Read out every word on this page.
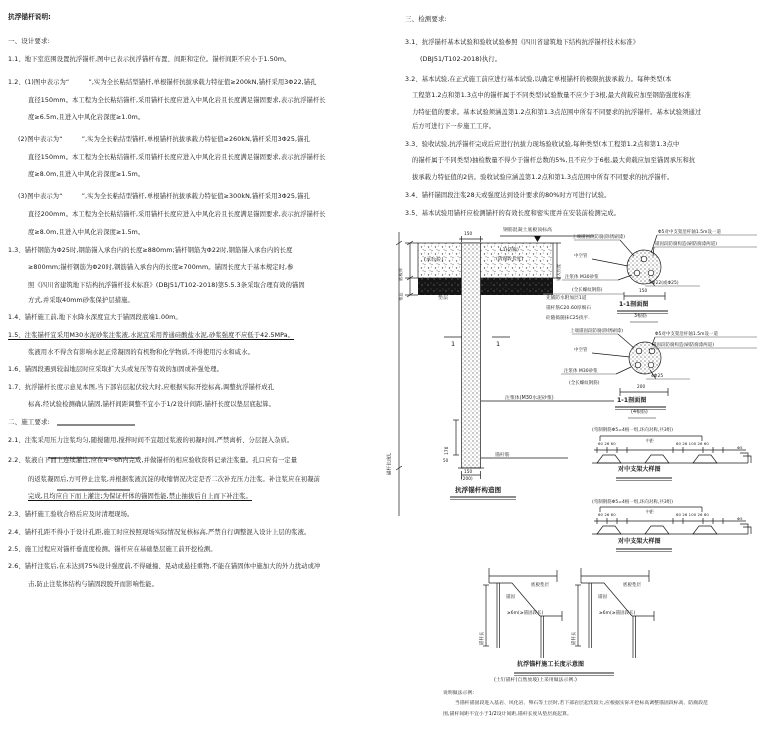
抗浮锚杆说明:
一、设计要求:
1.1、地下室范围设置抗浮锚杆,图中已表示抗浮锚杆布置、间距和定位。锚杆间距不应小于1.50m。
1.2、(1)图中表示为“　　　”,实为全长粘结型锚杆,单根锚杆抗拔承载力特征值≥200kN,锚杆采用3Φ22,锚孔
直径150mm。本工程为全长粘结锚杆,采用锚杆长度应进入中风化岩且长度满足锚固要求,表示抗浮锚杆长
度≥6.5m,且进入中风化岩深度≥1.0m。
(2)图中表示为“　　　”,实为全长粘结型锚杆,单根锚杆抗拔承载力特征值≥260kN,锚杆采用3Φ25,锚孔
直径150mm。本工程为全长粘结锚杆,采用锚杆长度应进入中风化岩且长度满足锚固要求,表示抗浮锚杆长
度≥8.0m,且进入中风化岩深度≥1.5m。
(3)图中表示为“　　　”,实为全长粘结型锚杆,单根锚杆抗拔承载力特征值≥300kN,锚杆采用3Φ25,锚孔
直径200mm。本工程为全长粘结锚杆,采用锚杆长度应进入中风化岩且长度满足锚固要求,表示抗浮锚杆长
度≥8.0m,且进入中风化岩深度≥1.5m。
1.3、锚杆钢筋为Φ25时,钢筋锚入承台内的长度≥880mm;锚杆钢筋为Φ22时,钢筋锚入承台内的长度
≥800mm;锚杆钢筋为Φ20时,钢筋锚入承台内的长度≥700mm。锚固长度大于基本规定时,参
照《四川省建筑地下结构抗浮锚杆技术标准》(DBJ51/T102-2018)第5.5.3条采取合理有效的锚固
方式,并采取40mm砂浆保护层措施。
1.4、锚杆施工前,地下水降水深度宜大于锚固段底端1.00m。
1.5、注浆锚杆宜采用M30水泥砂浆注浆液,水泥宜采用普通硅酸盐水泥,砂浆强度不应低于42.5MPa。
浆液用水不得含有影响水泥正常凝固的有机物和化学物质,不得使用污水和咸水。
1.6、锚固段遇到较弱地层时应采取扩大头或复压等有效的加固或补强处理。
1.7、抗浮锚杆长度示意见本图,当下部岩层起伏较大时,应根据实际开挖标高,调整抗浮锚杆成孔
标高,经试验检测确认锚固,锚杆间距调整不宜小于1/2设计间距,锚杆长度以垫层底起算。
二、施工要求:
2.1、注浆采用压力注浆均匀,随搅随用,搅拌时间不宜超过浆液的初凝时间,严禁离析、分层混入杂质。
2.2、浆液自下而上连续灌注,应在4～6h内完成,并做锚杆的相应验收资料记录注浆量。孔口应有一定量
的返浆凝固后,方可停止注浆,并根据浆液沉淀的收缩情况决定是否二次补充压力注浆。补注浆应在初凝前
完成,且均应自下而上灌注;为保证杆体的锚固性能,禁止抽拔后自上而下补注浆。
2.3、锚杆施工验收合格后应及时清理现场。
2.4、锚杆孔距不得小于设计孔距,施工时应按照现场实际情况复核标高,严禁自行调整混入设计上层的浆液。
2.5、施工过程应对锚杆垂直度检测。锚杆应在基础垫层施工前开挖检测。
2.6、锚杆注浆后,在未达到75%设计强度前,不得碰撞、晃动或悬挂重物,不能在锚固体中施加大的外力扰动或冲
击,防止注浆体结构与锚固段脱开而影响性能。
三、检测要求:
3.1、抗浮锚杆基本试验和验收试验参照《四川省建筑地下结构抗浮锚杆技术标准》
(DBJ51/T102-2018)执行。
3.2、基本试验,在正式施工前应进行基本试验,以确定单根锚杆的极限抗拔承载力。每种类型(本
工程第1.2点和第1.3点中的锚杆属于不同类型)试验数量不应少于3根,最大荷载应加至钢筋强度标准
力特征值的要求。基本试验须涵盖第1.2点和第1.3点范围中所有不同要求的抗浮锚杆。基本试验须通过
后方可进行下一步施工工序。
3.3、验收试验,抗浮锚杆完成后应进行抗拔力现场验收试验,每种类型(本工程第1.2点和第1.3点中
的锚杆属于不同类型)抽检数量不得少于锚杆总数的5%,且不应少于6根,最大荷载应加至锚固承压和抗
拔承载力特征值的2倍。验收试验应涵盖第1.2点和第1.3点范围中所有不同要求的抗浮锚杆。
3.4、锚杆锚固段注浆28天或强度达到设计要求的80%时方可进行试验。
3.5、基本试验用锚杆应检测锚杆的有效长度和密实度并在安装前检测完成。
钢筋混凝土底板顶标高
150
(承台砼)
L1(防腐)
(防腐段长度)
垫层	先铺防水附加层1道
锚杆筋C20.60厚细石
砼随捣随抹C25找平.
1	1
注浆体(M30水泥砂浆)
锚杆筋
锚杆长度L
底板厚
垫层
锚入长度
170
50
150
(200)
抗浮锚杆构造图
上端锚固段防腐(除锈刷漆)
中空管
注浆体 M30砂浆
(全长螺纹钢筋)
Φ5对中支架沿杆轴1.5m设一道
锚固段防腐构造(刷防腐漆两道)
3Φ22(或Φ25)
150
1-1剖面图
3根筋
上端锚固段防腐(除锈刷漆)
中空管
注浆体 M30砂浆
(全长螺纹钢筋)
Φ5对中支架沿杆轴1.5m设一道
锚固段防腐构造(刷防腐漆两道)
4Φ25
200
1-1剖面图
(4根筋)
(弯制钢筋Φ5=4根一组,环向对称,共3组)
60 26 60
中距
60 26 100 26 60
Φ5
对中支架大样图
(弯制钢筋Φ5=4根一组,环向对称,共3组)
60 26 60
中距
60 26 100 26 60
Φ5
对中支架大样图
底板垫层
锚固
≥6m(≥锚固段长)
锚杆长
底板垫层
锚固
≥6m(≥锚固段长)
锚杆长
抗浮锚杆施工长度示意图
(土钉锚杆(自然放坡)上采用做法示例.)
说明做法示例:
当锚杆锚固段进入基岩、风化岩、卵石等土层时,若下部岩层起伏较大,应根据实际开挖标高调整锚固段标高、防腐段范
围,锚杆间距不宜小于1/2设计间距,锚杆长度从垫层底起算。
